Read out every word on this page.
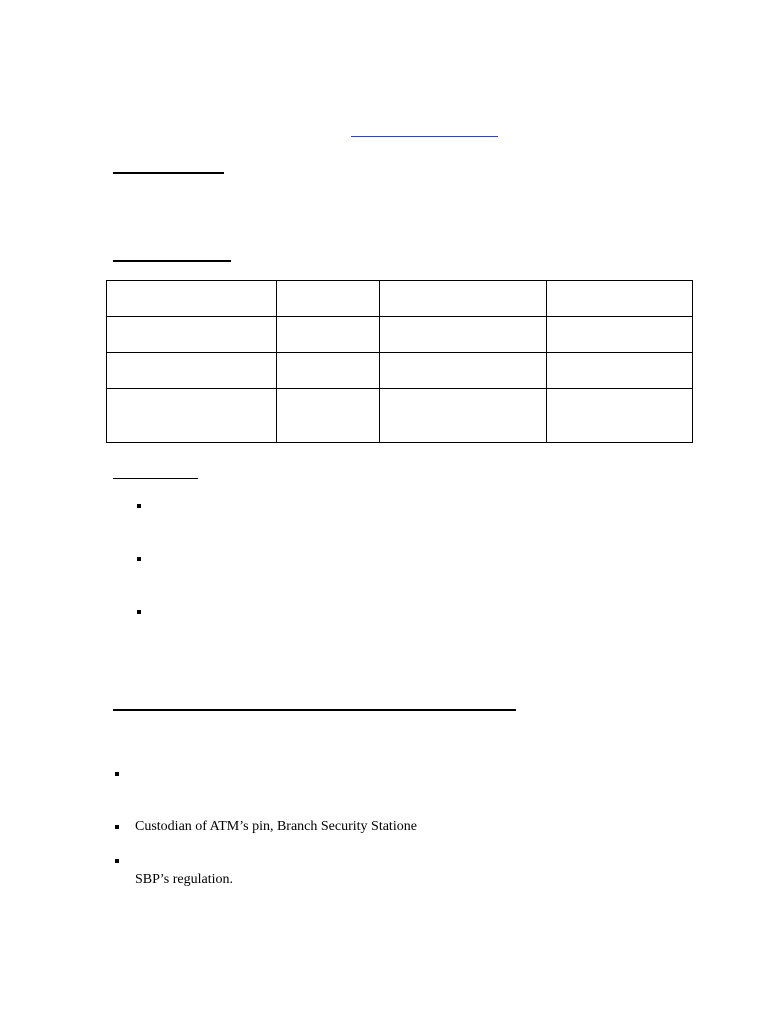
Custodian of ATM’s pin, Branch Security Statione
SBP’s regulation.
